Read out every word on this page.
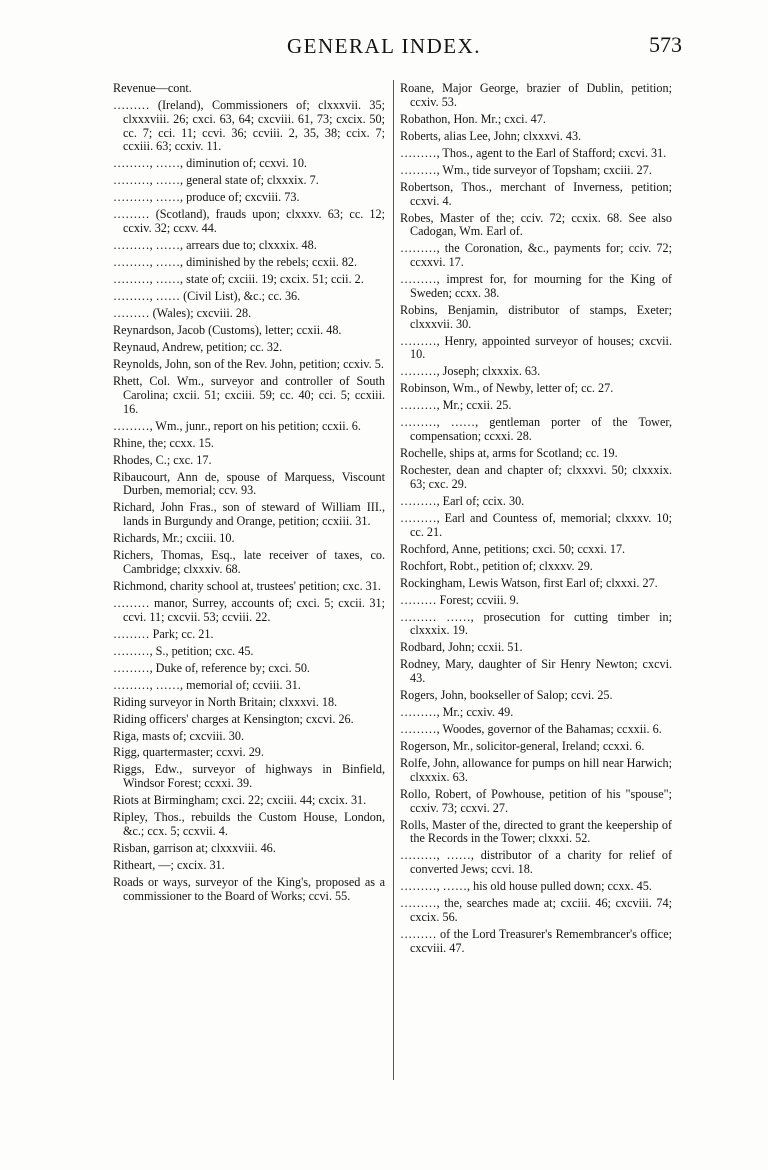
GENERAL INDEX.	573

Revenue—cont.

……… (Ireland), Commissioners of; clxxxvii. 35; clxxxviii. 26; cxci. 63, 64; cxcviii. 61, 73; cxcix. 50; cc. 7; cci. 11; ccvi. 36; ccviii. 2, 35, 38; ccix. 7; ccxiii. 63; ccxiv. 11.

………, ……, diminution of; ccxvi. 10.

………, ……, general state of; clxxxix. 7.

………, ……, produce of; cxcviii. 73.

……… (Scotland), frauds upon; clxxxv. 63; cc. 12; ccxiv. 32; ccxv. 44.

………, ……, arrears due to; clxxxix. 48.

………, ……, diminished by the rebels; ccxii. 82.

………, ……, state of; cxciii. 19; cxcix. 51; ccii. 2.

………, …… (Civil List), &c.; cc. 36.

……… (Wales); cxcviii. 28.

Reynardson, Jacob (Customs), letter; ccxii. 48.

Reynaud, Andrew, petition; cc. 32.

Reynolds, John, son of the Rev. John, petition; ccxiv. 5.

Rhett, Col. Wm., surveyor and controller of South Carolina; cxcii. 51; cxciii. 59; cc. 40; cci. 5; ccxiii. 16.

………, Wm., junr., report on his petition; ccxii. 6.

Rhine, the; ccxx. 15.

Rhodes, C.; cxc. 17.

Ribaucourt, Ann de, spouse of Marquess, Viscount Durben, memorial; ccv. 93.

Richard, John Fras., son of steward of William III., lands in Burgundy and Orange, petition; ccxiii. 31.

Richards, Mr.; cxciii. 10.

Richers, Thomas, Esq., late receiver of taxes, co. Cambridge; clxxxiv. 68.

Richmond, charity school at, trustees' petition; cxc. 31.

……… manor, Surrey, accounts of; cxci. 5; cxcii. 31; ccvi. 11; cxcvii. 53; ccviii. 22.

……… Park; cc. 21.

………, S., petition; cxc. 45.

………, Duke of, reference by; cxci. 50.

………, ……, memorial of; ccviii. 31.

Riding surveyor in North Britain; clxxxvi. 18.

Riding officers' charges at Kensington; cxcvi. 26.

Riga, masts of; cxcviii. 30.

Rigg, quartermaster; ccxvi. 29.

Riggs, Edw., surveyor of highways in Binfield, Windsor Forest; ccxxi. 39.

Riots at Birmingham; cxci. 22; cxciii. 44; cxcix. 31.

Ripley, Thos., rebuilds the Custom House, London, &c.; ccx. 5; ccxvii. 4.

Risban, garrison at; clxxxviii. 46.

Ritheart, —; cxcix. 31.

Roads or ways, surveyor of the King's, proposed as a commissioner to the Board of Works; ccvi. 55.

Roane, Major George, brazier of Dublin, petition; ccxiv. 53.

Robathon, Hon. Mr.; cxci. 47.

Roberts, alias Lee, John; clxxxvi. 43.

………, Thos., agent to the Earl of Stafford; cxcvi. 31.

………, Wm., tide surveyor of Topsham; cxciii. 27.

Robertson, Thos., merchant of Inverness, petition; ccxvi. 4.

Robes, Master of the; cciv. 72; ccxix. 68. See also Cadogan, Wm. Earl of.

………, the Coronation, &c., payments for; cciv. 72; ccxxvi. 17.

………, imprest for, for mourning for the King of Sweden; ccxx. 38.

Robins, Benjamin, distributor of stamps, Exeter; clxxxvii. 30.

………, Henry, appointed surveyor of houses; cxcvii. 10.

………, Joseph; clxxxix. 63.

Robinson, Wm., of Newby, letter of; cc. 27.

………, Mr.; ccxii. 25.

………, ……, gentleman porter of the Tower, compensation; ccxxi. 28.

Rochelle, ships at, arms for Scotland; cc. 19.

Rochester, dean and chapter of; clxxxvi. 50; clxxxix. 63; cxc. 29.

………, Earl of; ccix. 30.

………, Earl and Countess of, memorial; clxxxv. 10; cc. 21.

Rochford, Anne, petitions; cxci. 50; ccxxi. 17.

Rochfort, Robt., petition of; clxxxv. 29.

Rockingham, Lewis Watson, first Earl of; clxxxi. 27.

……… Forest; ccviii. 9.

……… ……, prosecution for cutting timber in; clxxxix. 19.

Rodbard, John; ccxii. 51.

Rodney, Mary, daughter of Sir Henry Newton; cxcvi. 43.

Rogers, John, bookseller of Salop; ccvi. 25.

………, Mr.; ccxiv. 49.

………, Woodes, governor of the Bahamas; ccxxii. 6.

Rogerson, Mr., solicitor-general, Ireland; ccxxi. 6.

Rolfe, John, allowance for pumps on hill near Harwich; clxxxix. 63.

Rollo, Robert, of Powhouse, petition of his "spouse"; ccxiv. 73; ccxvi. 27.

Rolls, Master of the, directed to grant the keepership of the Records in the Tower; clxxxi. 52.

………, ……, distributor of a charity for relief of converted Jews; ccvi. 18.

………, ……, his old house pulled down; ccxx. 45.

………, the, searches made at; cxciii. 46; cxcviii. 74; cxcix. 56.

……… of the Lord Treasurer's Remembrancer's office; cxcviii. 47.
